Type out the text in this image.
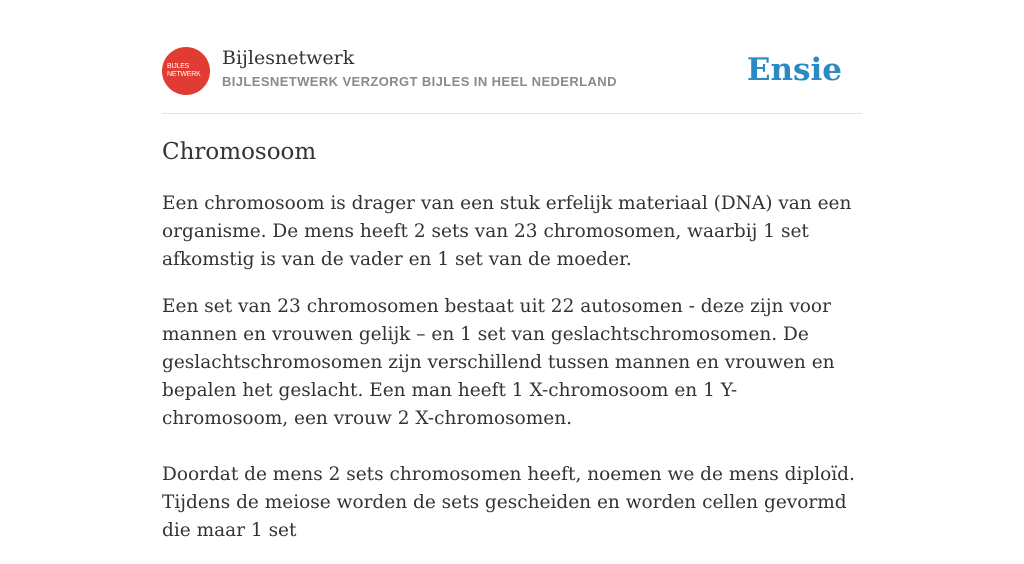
BIJLES
NETWERK
Bijlesnetwerk
BIJLESNETWERK VERZORGT BIJLES IN HEEL NEDERLAND	Ensie
Chromosoom

Een chromosoom is drager van een stuk erfelijk materiaal (DNA) van een organisme. De mens heeft 2 sets van 23 chromosomen, waarbij 1 set afkomstig is van de vader en 1 set van de moeder.

Een set van 23 chromosomen bestaat uit 22 autosomen - deze zijn voor mannen en vrouwen gelijk – en 1 set van geslachtschromosomen. De geslachtschromosomen zijn verschillend tussen mannen en vrouwen en bepalen het geslacht. Een man heeft 1 X-chromosoom en 1 Y-chromosoom, een vrouw 2 X-chromosomen.

Doordat de mens 2 sets chromosomen heeft, noemen we de mens diploïd. Tijdens de meiose worden de sets gescheiden en worden cellen gevormd die maar 1 set
